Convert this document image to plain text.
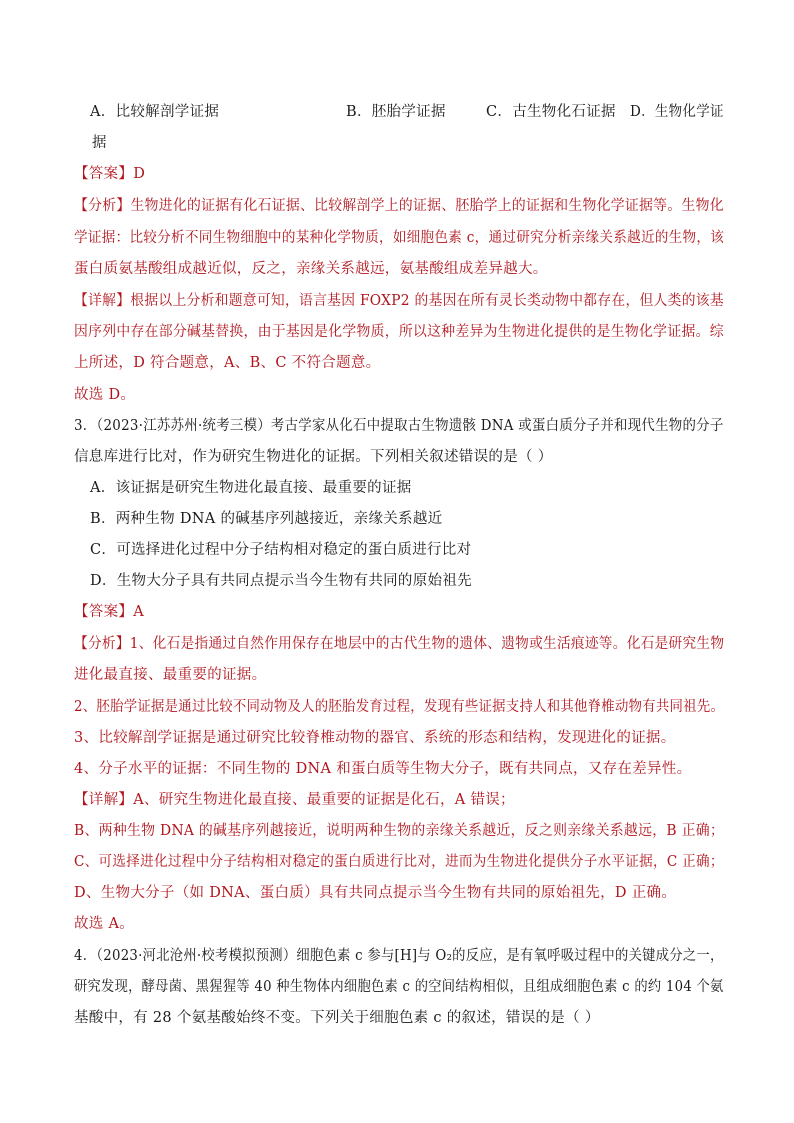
A．比较解剖学证据	B．胚胎学证据	C．古生物化石证据 D．生物化学证
据
【答案】D
【分析】生物进化的证据有化石证据、比较解剖学上的证据、胚胎学上的证据和生物化学证据等。生物化
学证据：比较分析不同生物细胞中的某种化学物质，如细胞色素 c，通过研究分析亲缘关系越近的生物，该
蛋白质氨基酸组成越近似，反之，亲缘关系越远，氨基酸组成差异越大。
【详解】根据以上分析和题意可知，语言基因 FOXP2 的基因在所有灵长类动物中都存在，但人类的该基
因序列中存在部分碱基替换，由于基因是化学物质，所以这种差异为生物进化提供的是生物化学证据。综
上所述，D 符合题意，A、B、C 不符合题意。
故选 D。
3．（2023·江苏苏州·统考三模）考古学家从化石中提取古生物遗骸 DNA 或蛋白质分子并和现代生物的分子
信息库进行比对，作为研究生物进化的证据。下列相关叙述错误的是（ ）
A．该证据是研究生物进化最直接、最重要的证据
B．两种生物 DNA 的碱基序列越接近，亲缘关系越近
C．可选择进化过程中分子结构相对稳定的蛋白质进行比对
D．生物大分子具有共同点提示当今生物有共同的原始祖先
【答案】A
【分析】1、化石是指通过自然作用保存在地层中的古代生物的遗体、遗物或生活痕迹等。化石是研究生物
进化最直接、最重要的证据。
2、胚胎学证据是通过比较不同动物及人的胚胎发育过程，发现有些证据支持人和其他脊椎动物有共同祖先。
3、比较解剖学证据是通过研究比较脊椎动物的器官、系统的形态和结构，发现进化的证据。
4、分子水平的证据：不同生物的 DNA 和蛋白质等生物大分子，既有共同点，又存在差异性。
【详解】A、研究生物进化最直接、最重要的证据是化石，A 错误；
B、两种生物 DNA 的碱基序列越接近，说明两种生物的亲缘关系越近，反之则亲缘关系越远，B 正确；
C、可选择进化过程中分子结构相对稳定的蛋白质进行比对，进而为生物进化提供分子水平证据，C 正确；
D、生物大分子（如 DNA、蛋白质）具有共同点提示当今生物有共同的原始祖先，D 正确。
故选 A。
4．（2023·河北沧州·校考模拟预测）细胞色素 c 参与[H]与 O₂的反应，是有氧呼吸过程中的关键成分之一，
研究发现，酵母菌、黑猩猩等 40 种生物体内细胞色素 c 的空间结构相似，且组成细胞色素 c 的约 104 个氨
基酸中，有 28 个氨基酸始终不变。下列关于细胞色素 c 的叙述，错误的是（ ）
